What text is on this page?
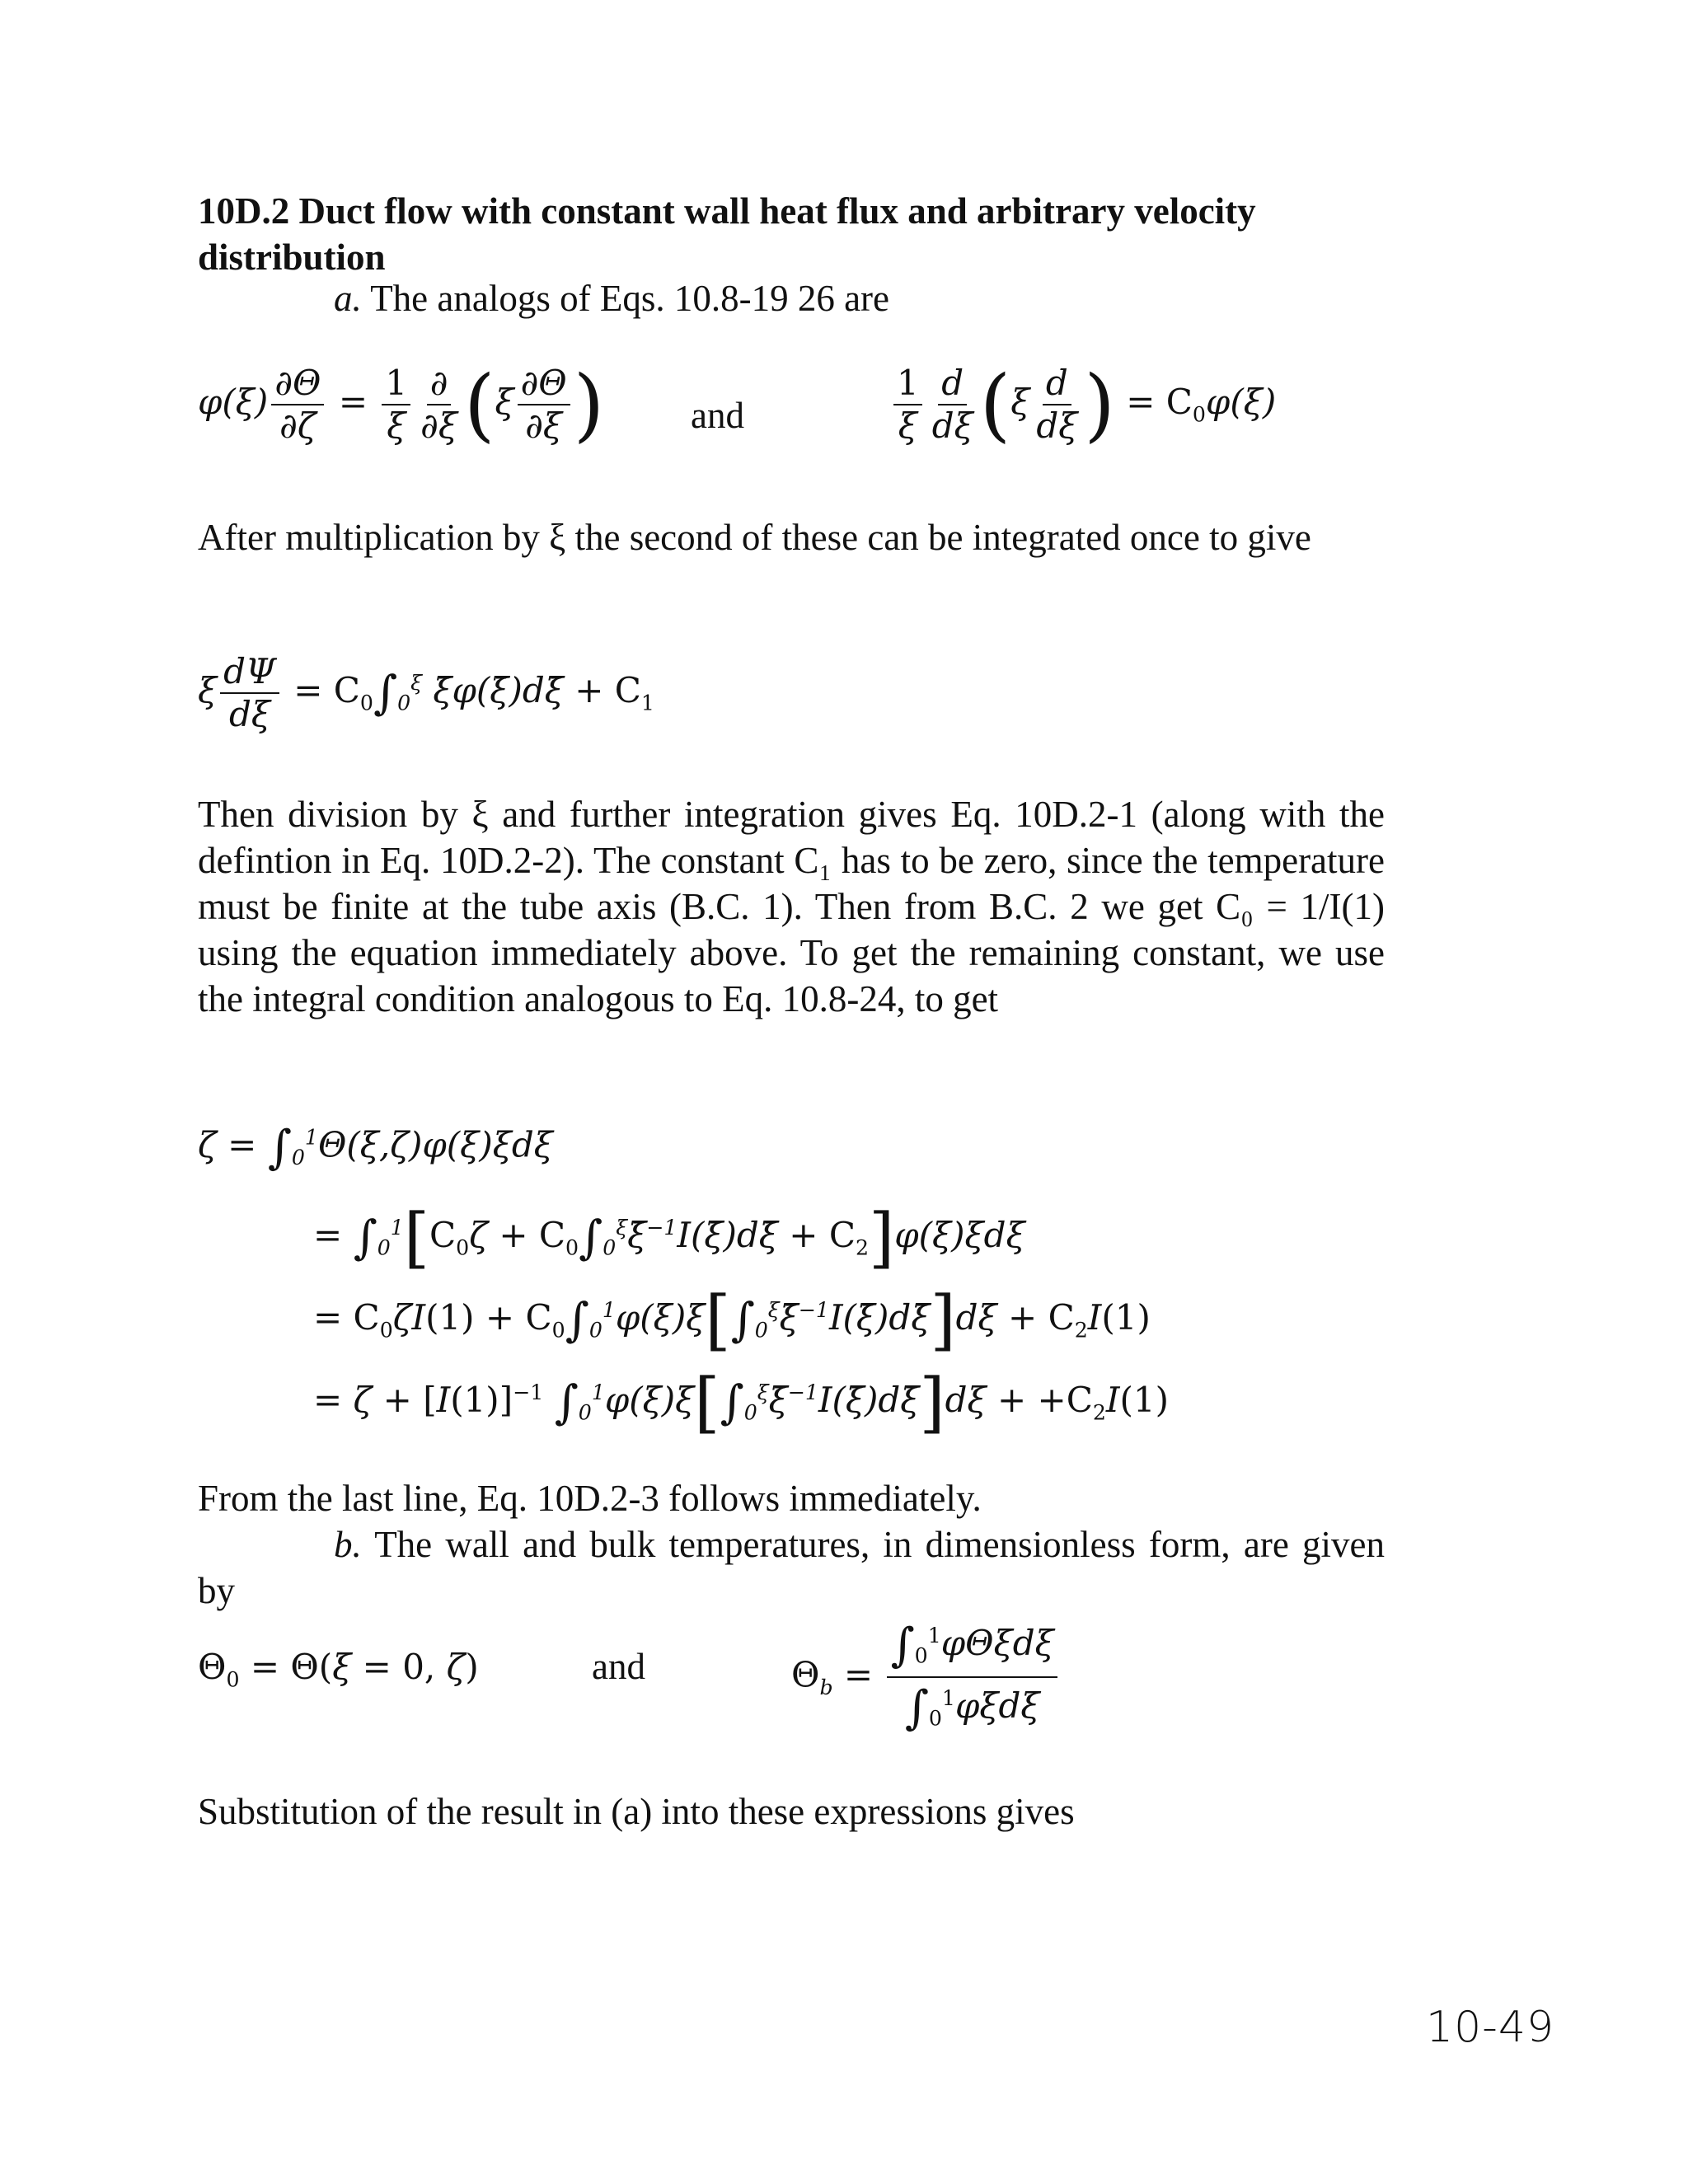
10D.2 Duct flow with constant wall heat flux and arbitrary velocity distribution
a. The analogs of Eqs. 10.8-19 26 are
$\varphi(\xi) \frac{\partial\Theta}{\partial\zeta} = \frac{1}{\xi} \frac{\partial}{\partial\xi} (\xi \frac{\partial\Theta}{\partial\xi}$ ) and	$\frac{1}{\xi} \frac{d}{d\xi} (\xi \frac{d}{d\xi}$ ) = $C_0\varphi(\xi)$
After multiplication by ξ the second of these can be integrated once to give
ξ $\frac{d\Psi}{d\xi} = C_0\int_0^\xi$ ξ̄φ(ξ̄)dξ̄ + $C_1$
Then division by ξ and further integration gives Eq. 10D.2-1 (along with the defintion in Eq. 10D.2-2). The constant C₁ has to be zero, since the temperature must be finite at the tube axis (B.C. 1). Then from B.C. 2 we get C₀ = 1/I(1) using the equation immediately above. To get the remaining constant, we use the integral condition analogous to Eq. 10.8-24, to get
$\zeta = \int_0^1\Theta(\xi,\zeta)\varphi(\xi)\xi d\xi$
= $\int_0^1[C_0\zeta$ + $C_0\int_0^\xi\xī^{-1}I(\xī)d\xī + C_2]\varphi(\xi)\xi d\xi$
= $C_0\zeta I(1)$ + $C_0\int_0^1\varphi(\xi)\xi[\int_0^\xi\xī^{-1}I(\xī)d\xī]d\xi + C_2I(1)$
= $\zeta + [I(1)]^{-1}$ $\int_0^1\varphi(\xi)\xi[\int_0^\xi\xī^{-1}I(\xī)d\xī]d\xi + +C_2I(1)$
From the last line, Eq. 10D.2-3 follows immediately.
b. The wall and bulk temperatures, in dimensionless form, are given by
$\Theta_0 = \Theta(\xi = 0$, ζ)	and	$\Theta_b = \frac{\int_0^1\varphi\Theta\xi d\xi}{\int_0^1\varphi\xi d\xi}$
Substitution of the result in (a) into these expressions gives
10-49
